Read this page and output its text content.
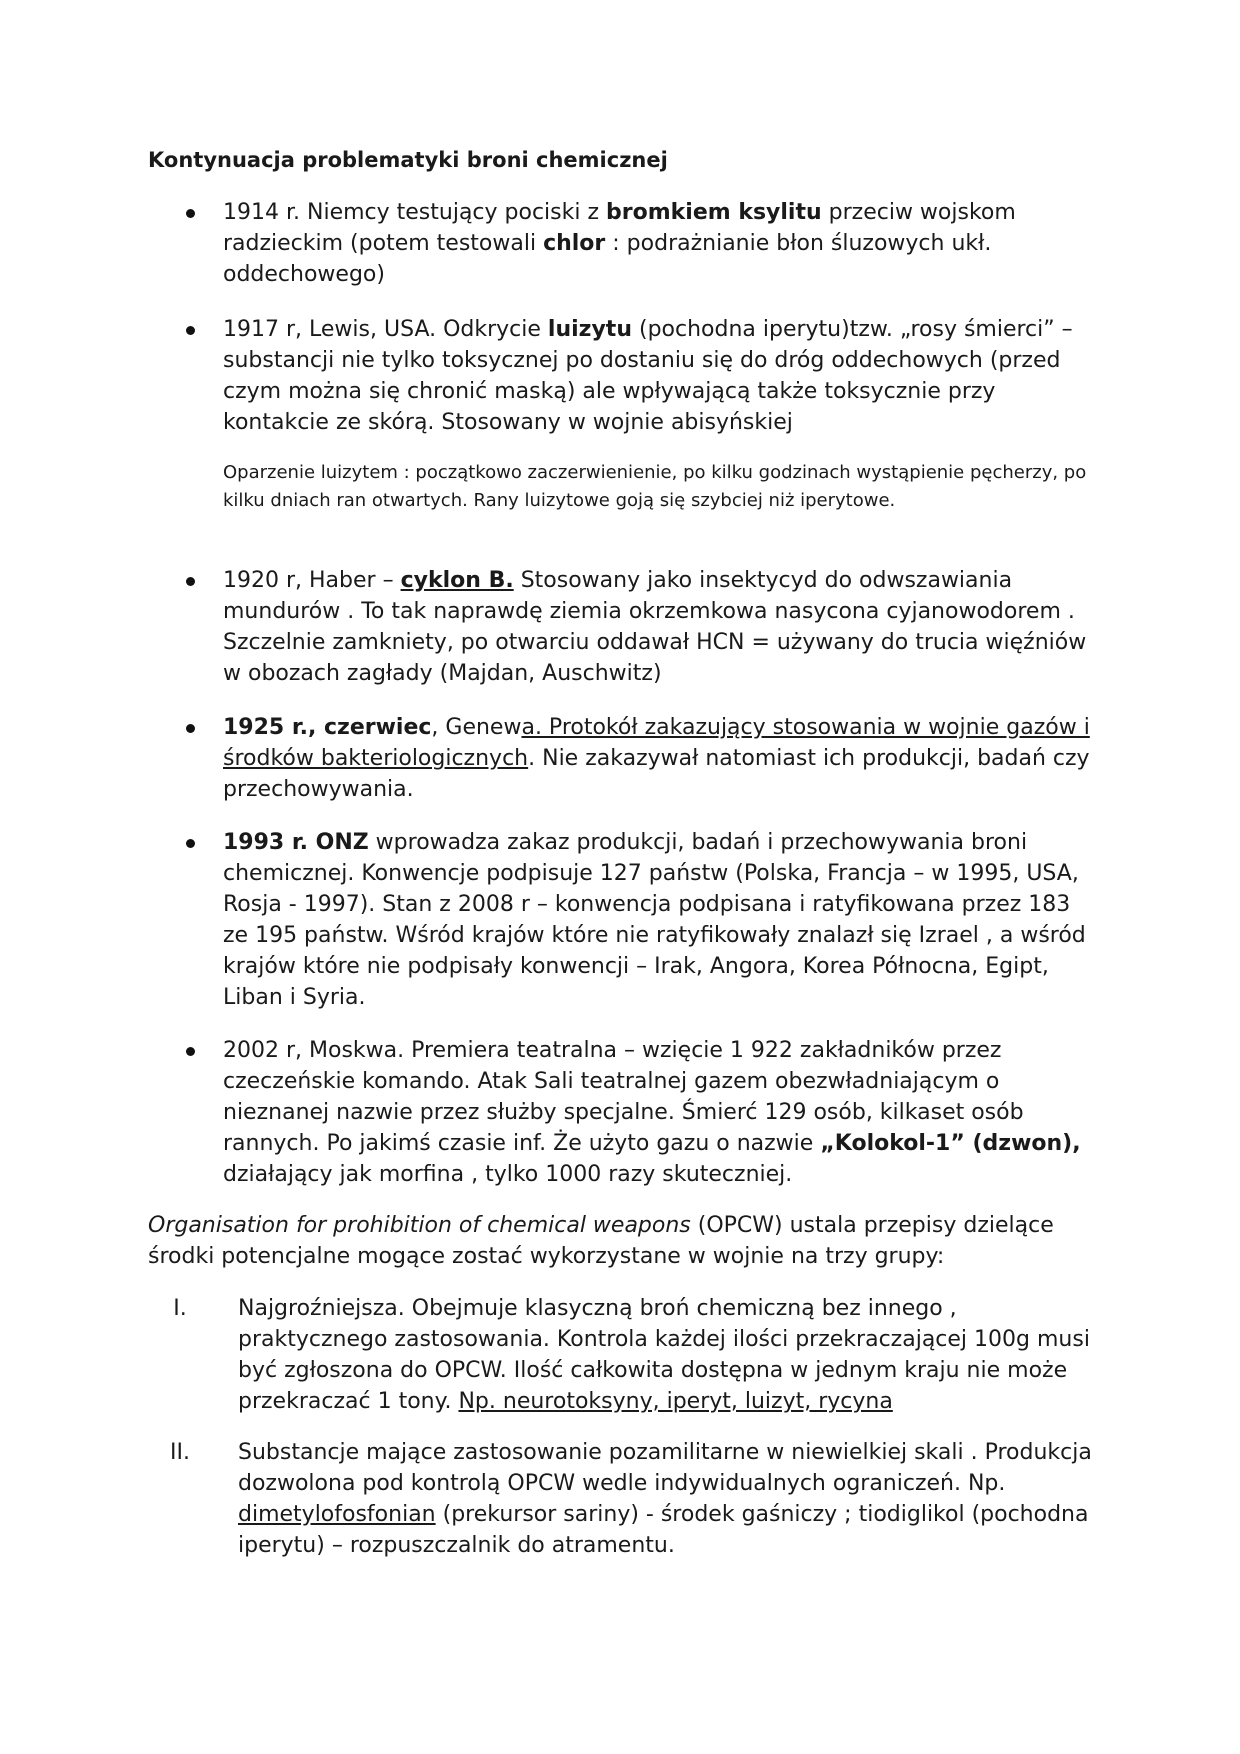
Kontynuacja problematyki broni chemicznej
1914 r. Niemcy testujący pociski z bromkiem ksylitu przeciw wojskom radzieckim (potem testowali chlor : podrażnianie błon śluzowych ukł. oddechowego)
1917 r, Lewis, USA. Odkrycie luizytu (pochodna iperytu)tzw. „rosy śmierci” – substancji nie tylko toksycznej po dostaniu się do dróg oddechowych (przed czym można się chronić maską) ale wpływającą także toksycznie przy kontakcie ze skórą. Stosowany w wojnie abisyńskiej
Oparzenie luizytem : początkowo zaczerwienienie, po kilku godzinach wystąpienie pęcherzy, po kilku dniach ran otwartych. Rany luizytowe goją się szybciej niż iperytowe.
1920 r, Haber – cyklon B. Stosowany jako insektycyd do odwszawiania mundurów . To tak naprawdę ziemia okrzemkowa nasycona cyjanowodorem . Szczelnie zamkniety, po otwarciu oddawał HCN = używany do trucia więźniów w obozach zagłady (Majdan, Auschwitz)
1925 r., czerwiec, Genewa. Protokół zakazujący stosowania w wojnie gazów i środków bakteriologicznych. Nie zakazywał natomiast ich produkcji, badań czy przechowywania.
1993 r. ONZ wprowadza zakaz produkcji, badań i przechowywania broni chemicznej. Konwencje podpisuje 127 państw (Polska, Francja – w 1995, USA, Rosja - 1997). Stan z 2008 r – konwencja podpisana i ratyfikowana przez 183 ze 195 państw. Wśród krajów które nie ratyfikowały znalazł się Izrael , a wśród krajów które nie podpisały konwencji – Irak, Angora, Korea Północna, Egipt, Liban i Syria.
2002 r, Moskwa. Premiera teatralna – wzięcie 1 922 zakładników przez czeczeńskie komando. Atak Sali teatralnej gazem obezwładniającym o nieznanej nazwie przez służby specjalne. Śmierć 129 osób, kilkaset osób rannych. Po jakimś czasie inf. Że użyto gazu o nazwie „Kolokol-1” (dzwon), działający jak morfina , tylko 1000 razy skuteczniej.
Organisation for prohibition of chemical weapons (OPCW) ustala przepisy dzielące środki potencjalne mogące zostać wykorzystane w wojnie na trzy grupy:
I.	Najgroźniejsza. Obejmuje klasyczną broń chemiczną bez innego , praktycznego zastosowania. Kontrola każdej ilości przekraczającej 100g musi być zgłoszona do OPCW. Ilość całkowita dostępna w jednym kraju nie może przekraczać 1 tony. Np. neurotoksyny, iperyt, luizyt, rycyna
II.	Substancje mające zastosowanie pozamilitarne w niewielkiej skali . Produkcja dozwolona pod kontrolą OPCW wedle indywidualnych ograniczeń. Np. dimetylofosfonian (prekursor sariny) - środek gaśniczy ; tiodiglikol (pochodna iperytu) – rozpuszczalnik do atramentu.
